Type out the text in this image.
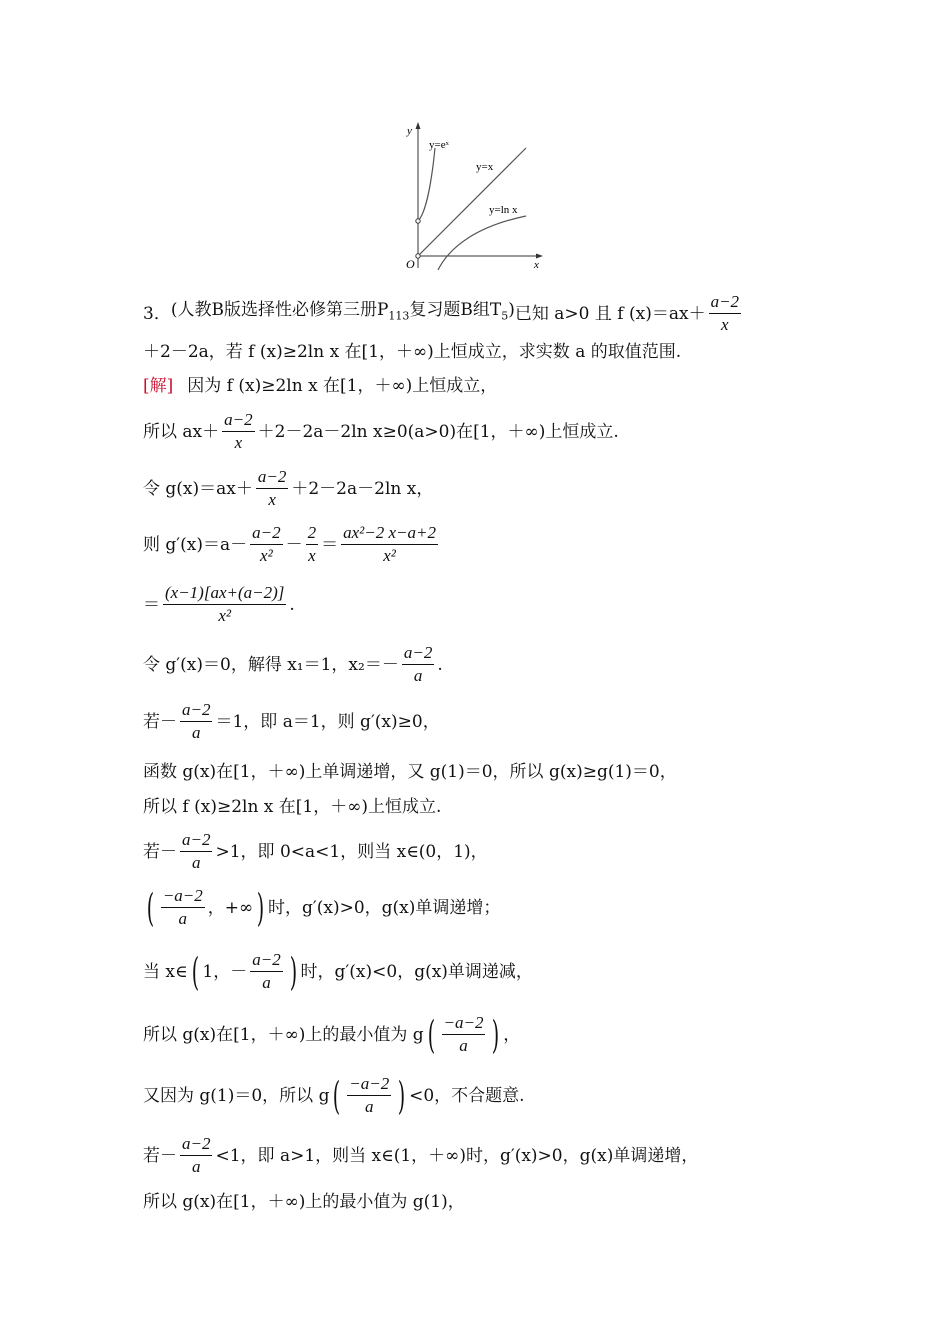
y
x
O
y=eˣ
y=x
y=ln x
3． (人教B版选择性必修第三册$P_{113}$复习题B组$T_5$) 已知 a>0 且 f $(x)=ax+ \frac{a-2}{x}$
＋2－2a，若 f (x)≥2ln x 在[1，＋∞)上恒成立，求实数 a 的取值范围.
[解] 因为 f (x)≥2ln x 在[1，＋∞)上恒成立，
所以 $ax+ \frac{a-2}{x} +2-2a-2\ln$ x≥0(a>0)在[1，＋∞)上恒成立.
令 $g(x)=ax+ \frac{a-2}{x} +2-2a-2\ln$ x，
则 $g'(x)=a- \frac{a-2}{\text{x²}} - \frac{2}{x} = \frac{\text{ax²−2 x−a+2}}{\text{x²}}$
＝ $\frac{(x-1)[ax+(a-2)]}{\text{x²}}$ .
令 g′(x)＝0，解得 x₁＝1，$x_2=- \frac{a-2}{a}$ .
若－ $\frac{a-2}{a} =1$，即 a＝1，则 g′(x)≥0，
函数 g(x)在[1，＋∞)上单调递增，又 g(1)＝0，所以 g(x)≥g(1)＝0，
所以 f (x)≥2ln x 在[1，＋∞)上恒成立.
若－ $\frac{a-2}{a} >1$，即 0<a<1，则当 x∈(0，1)，
( $\frac{-a-2}{a}$ ，+∞ ) 时，g′(x)>0，g(x)单调递增；
当 x∈ ( 1，－ $\frac{a-2}{a}$ ) 时，g′(x)<0，g(x)单调递减，
所以 g(x)在[1，＋∞)上的最小值为 g ( $\frac{-a-2}{a}$ ) ，
又因为 g(1)＝0，所以 g ( $\frac{-a-2}{a}$ ) <0，不合题意.
若－ $\frac{a-2}{a} <1$，即 a>1，则当 x∈(1，＋∞)时，g′(x)>0，g(x)单调递增，
所以 g(x)在[1，＋∞)上的最小值为 g(1)，
